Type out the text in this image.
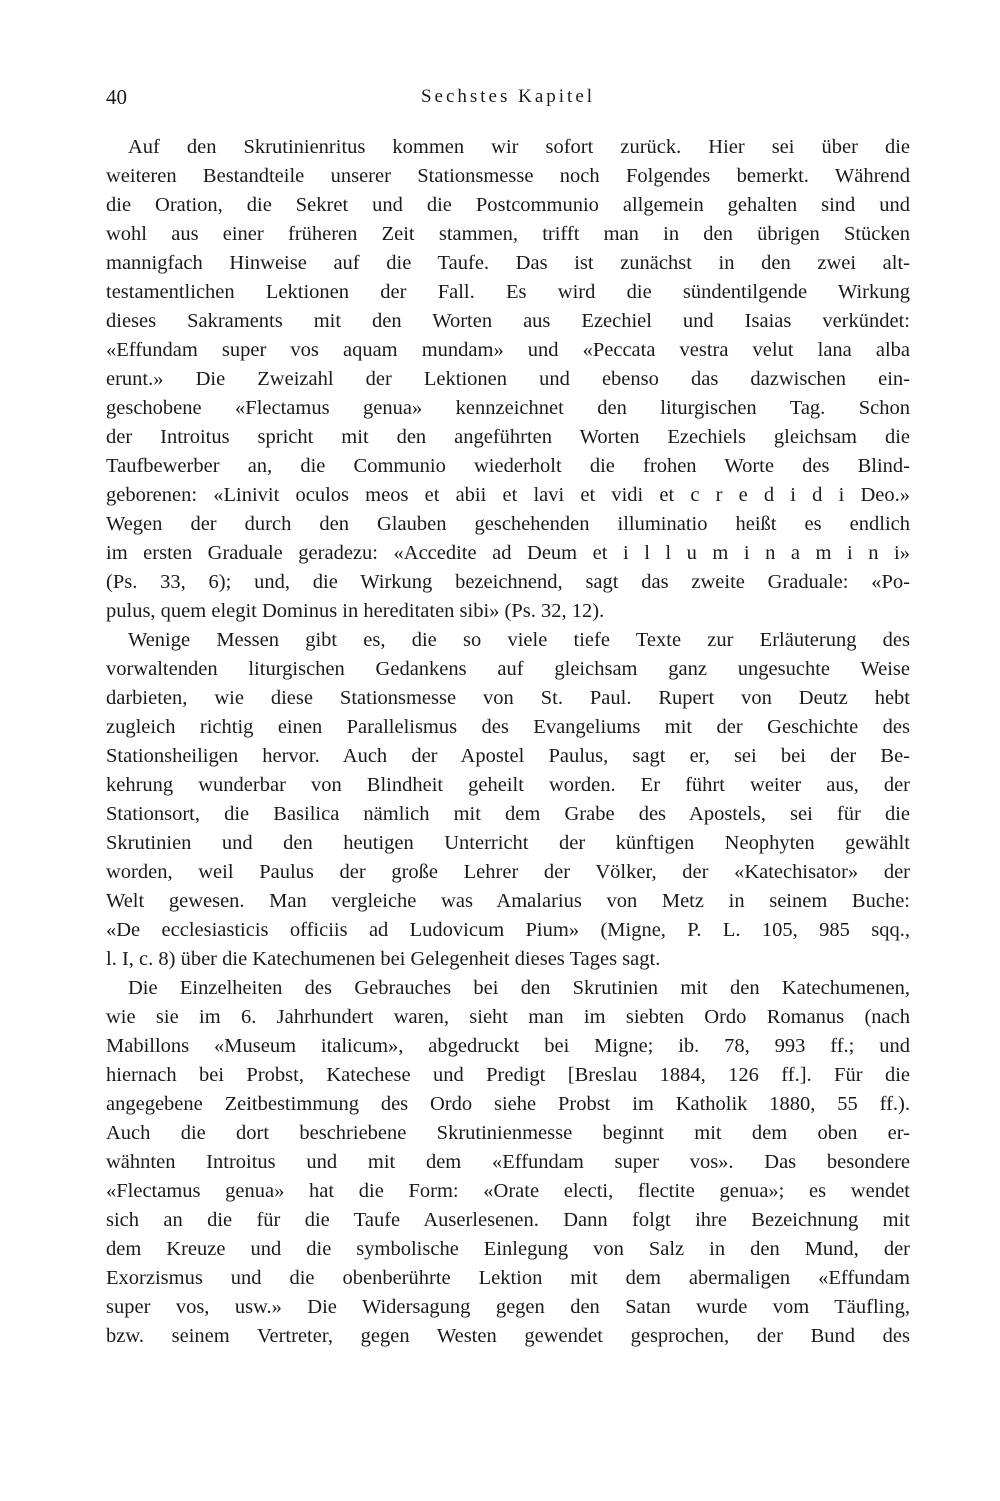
40	Sechstes Kapitel
Auf den Skrutinienritus kommen wir sofort zurück. Hier sei über die
weiteren Bestandteile unserer Stationsmesse noch Folgendes bemerkt. Während
die Oration, die Sekret und die Postcommunio allgemein gehalten sind und
wohl aus einer früheren Zeit stammen, trifft man in den übrigen Stücken
mannigfach Hinweise auf die Taufe. Das ist zunächst in den zwei alt-
testamentlichen Lektionen der Fall. Es wird die sündentilgende Wirkung
dieses Sakraments mit den Worten aus Ezechiel und Isaias verkündet:
«Effundam super vos aquam mundam» und «Peccata vestra velut lana alba
erunt.» Die Zweizahl der Lektionen und ebenso das dazwischen ein-
geschobene «Flectamus genua» kennzeichnet den liturgischen Tag. Schon
der Introitus spricht mit den angeführten Worten Ezechiels gleichsam die
Taufbewerber an, die Communio wiederholt die frohen Worte des Blind-
geborenen: «Linivit oculos meos et abii et lavi et vidi et c r e d i d i Deo.»
Wegen der durch den Glauben geschehenden illuminatio heißt es endlich
im ersten Graduale geradezu: «Accedite ad Deum et i l l u m i n a m i n i»
(Ps. 33, 6); und, die Wirkung bezeichnend, sagt das zweite Graduale: «Po-
pulus, quem elegit Dominus in hereditaten sibi» (Ps. 32, 12).
Wenige Messen gibt es, die so viele tiefe Texte zur Erläuterung des
vorwaltenden liturgischen Gedankens auf gleichsam ganz ungesuchte Weise
darbieten, wie diese Stationsmesse von St. Paul. Rupert von Deutz hebt
zugleich richtig einen Parallelismus des Evangeliums mit der Geschichte des
Stationsheiligen hervor. Auch der Apostel Paulus, sagt er, sei bei der Be-
kehrung wunderbar von Blindheit geheilt worden. Er führt weiter aus, der
Stationsort, die Basilica nämlich mit dem Grabe des Apostels, sei für die
Skrutinien und den heutigen Unterricht der künftigen Neophyten gewählt
worden, weil Paulus der große Lehrer der Völker, der «Katechisator» der
Welt gewesen. Man vergleiche was Amalarius von Metz in seinem Buche:
«De ecclesiasticis officiis ad Ludovicum Pium» (Migne, P. L. 105, 985 sqq.,
l. I, c. 8) über die Katechumenen bei Gelegenheit dieses Tages sagt.
Die Einzelheiten des Gebrauches bei den Skrutinien mit den Katechumenen,
wie sie im 6. Jahrhundert waren, sieht man im siebten Ordo Romanus (nach
Mabillons «Museum italicum», abgedruckt bei Migne; ib. 78, 993 ff.; und
hiernach bei Probst, Katechese und Predigt [Breslau 1884, 126 ff.]. Für die
angegebene Zeitbestimmung des Ordo siehe Probst im Katholik 1880, 55 ff.).
Auch die dort beschriebene Skrutinienmesse beginnt mit dem oben er-
wähnten Introitus und mit dem «Effundam super vos». Das besondere
«Flectamus genua» hat die Form: «Orate electi, flectite genua»; es wendet
sich an die für die Taufe Auserlesenen. Dann folgt ihre Bezeichnung mit
dem Kreuze und die symbolische Einlegung von Salz in den Mund, der
Exorzismus und die obenberührte Lektion mit dem abermaligen «Effundam
super vos, usw.» Die Widersagung gegen den Satan wurde vom Täufling,
bzw. seinem Vertreter, gegen Westen gewendet gesprochen, der Bund des
